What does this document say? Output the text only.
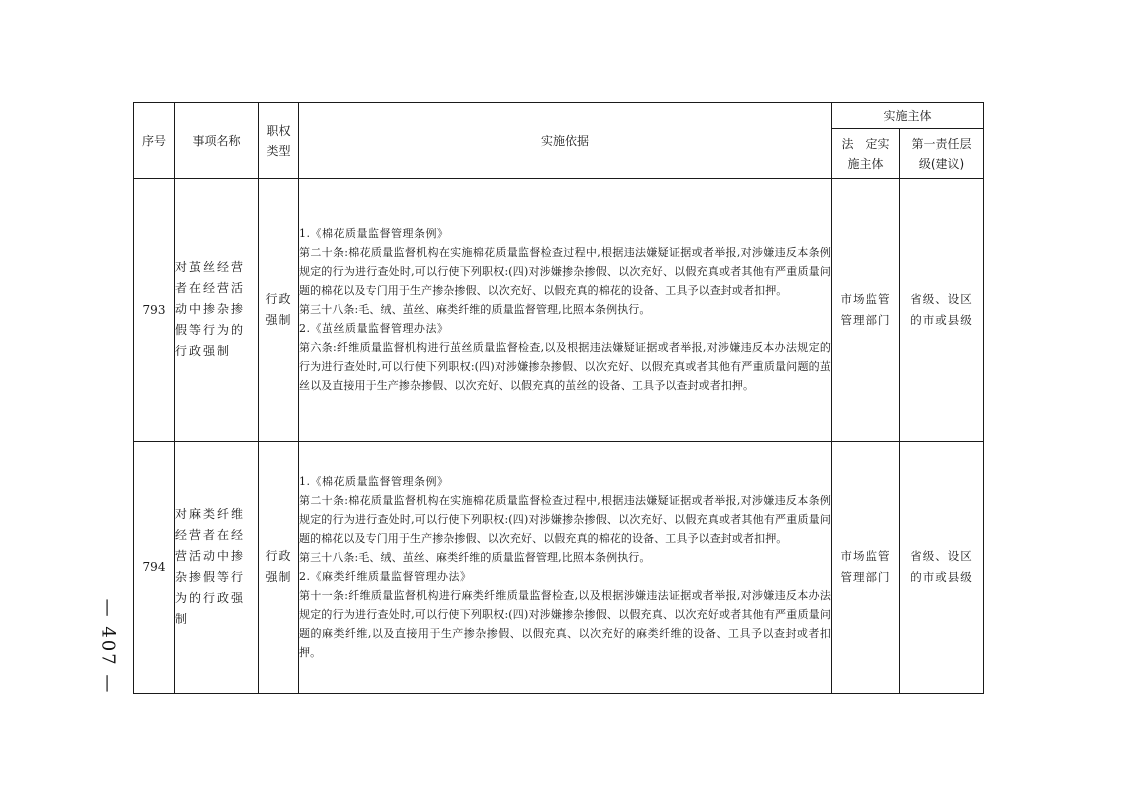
— 407 —
序号	事项名称	职权类型	实施依据	实施主体	

				法　定实施主体	第一责任层级(建议)

793	对茧丝经营者在经营活动中掺杂掺假等行为的行政强制	行政强制	1.《棉花质量监督管理条例》

第二十条:棉花质量监督机构在实施棉花质量监督检查过程中,根据违法嫌疑证据或者举报,对涉嫌违反本条例规定的行为进行查处时,可以行使下列职权:(四)对涉嫌掺杂掺假、以次充好、以假充真或者其他有严重质量问题的棉花以及专门用于生产掺杂掺假、以次充好、以假充真的棉花的设备、工具予以查封或者扣押。

第三十八条:毛、绒、茧丝、麻类纤维的质量监督管理,比照本条例执行。

2.《茧丝质量监督管理办法》

第六条:纤维质量监督机构进行茧丝质量监督检查,以及根据违法嫌疑证据或者举报,对涉嫌违反本办法规定的行为进行查处时,可以行使下列职权:(四)对涉嫌掺杂掺假、以次充好、以假充真或者其他有严重质量问题的茧丝以及直接用于生产掺杂掺假、以次充好、以假充真的茧丝的设备、工具予以查封或者扣押。	市场监管管理部门	省级、设区的市或县级

794	对麻类纤维经营者在经营活动中掺杂掺假等行为的行政强制	行政强制	1.《棉花质量监督管理条例》

第二十条:棉花质量监督机构在实施棉花质量监督检查过程中,根据违法嫌疑证据或者举报,对涉嫌违反本条例规定的行为进行查处时,可以行使下列职权:(四)对涉嫌掺杂掺假、以次充好、以假充真或者其他有严重质量问题的棉花以及专门用于生产掺杂掺假、以次充好、以假充真的棉花的设备、工具予以查封或者扣押。

第三十八条:毛、绒、茧丝、麻类纤维的质量监督管理,比照本条例执行。

2.《麻类纤维质量监督管理办法》

第十一条:纤维质量监督机构进行麻类纤维质量监督检查,以及根据涉嫌违法证据或者举报,对涉嫌违反本办法规定的行为进行查处时,可以行使下列职权:(四)对涉嫌掺杂掺假、以假充真、以次充好或者其他有严重质量问题的麻类纤维,以及直接用于生产掺杂掺假、以假充真、以次充好的麻类纤维的设备、工具予以查封或者扣押。	市场监管管理部门	省级、设区的市或县级
